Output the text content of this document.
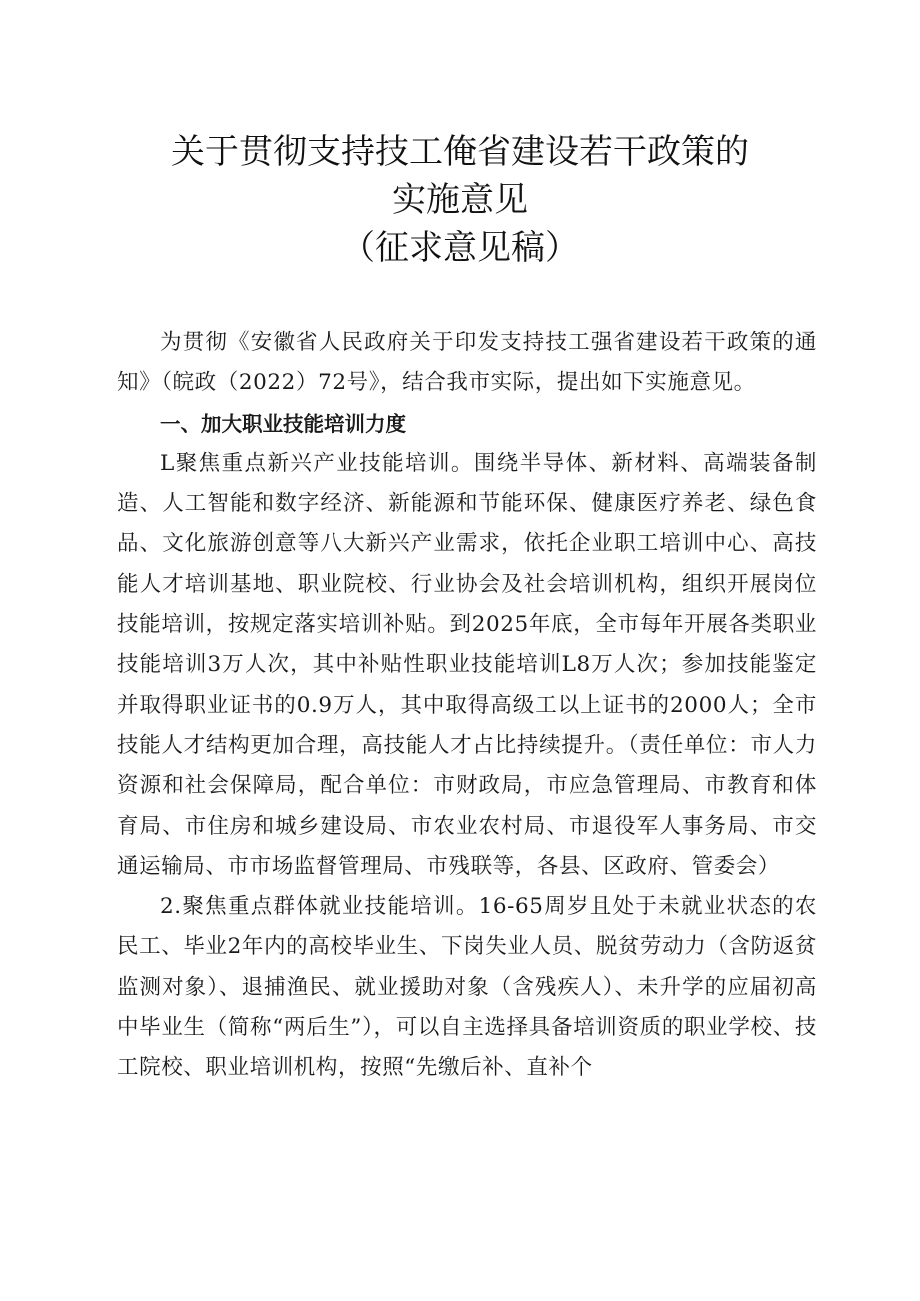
关于贯彻支持技工俺省建设若干政策的
实施意见
（征求意见稿）

为贯彻《安徽省人民政府关于印发支持技工强省建设若干政策的通知》（皖政（2022）72号》，结合我市实际，提出如下实施意见。

一、加大职业技能培训力度

L聚焦重点新兴产业技能培训。围绕半导体、新材料、高端装备制造、人工智能和数字经济、新能源和节能环保、健康医疗养老、绿色食品、文化旅游创意等八大新兴产业需求，依托企业职工培训中心、高技能人才培训基地、职业院校、行业协会及社会培训机构，组织开展岗位技能培训，按规定落实培训补贴。到2025年底，全市每年开展各类职业技能培训3万人次，其中补贴性职业技能培训L8万人次；参加技能鉴定并取得职业证书的0.9万人，其中取得高级工以上证书的2000人；全市技能人才结构更加合理，高技能人才占比持续提升。（责任单位：市人力资源和社会保障局，配合单位：市财政局，市应急管理局、市教育和体育局、市住房和城乡建设局、市农业农村局、市退役军人事务局、市交通运输局、市市场监督管理局、市残联等，各县、区政府、管委会）

2.聚焦重点群体就业技能培训。16-65周岁且处于未就业状态的农民工、毕业2年内的高校毕业生、下岗失业人员、脱贫劳动力（含防返贫监测对象）、退捕渔民、就业援助对象（含残疾人）、未升学的应届初高中毕业生（简称“两后生”），可以自主选择具备培训资质的职业学校、技工院校、职业培训机构，按照“先缴后补、直补个
